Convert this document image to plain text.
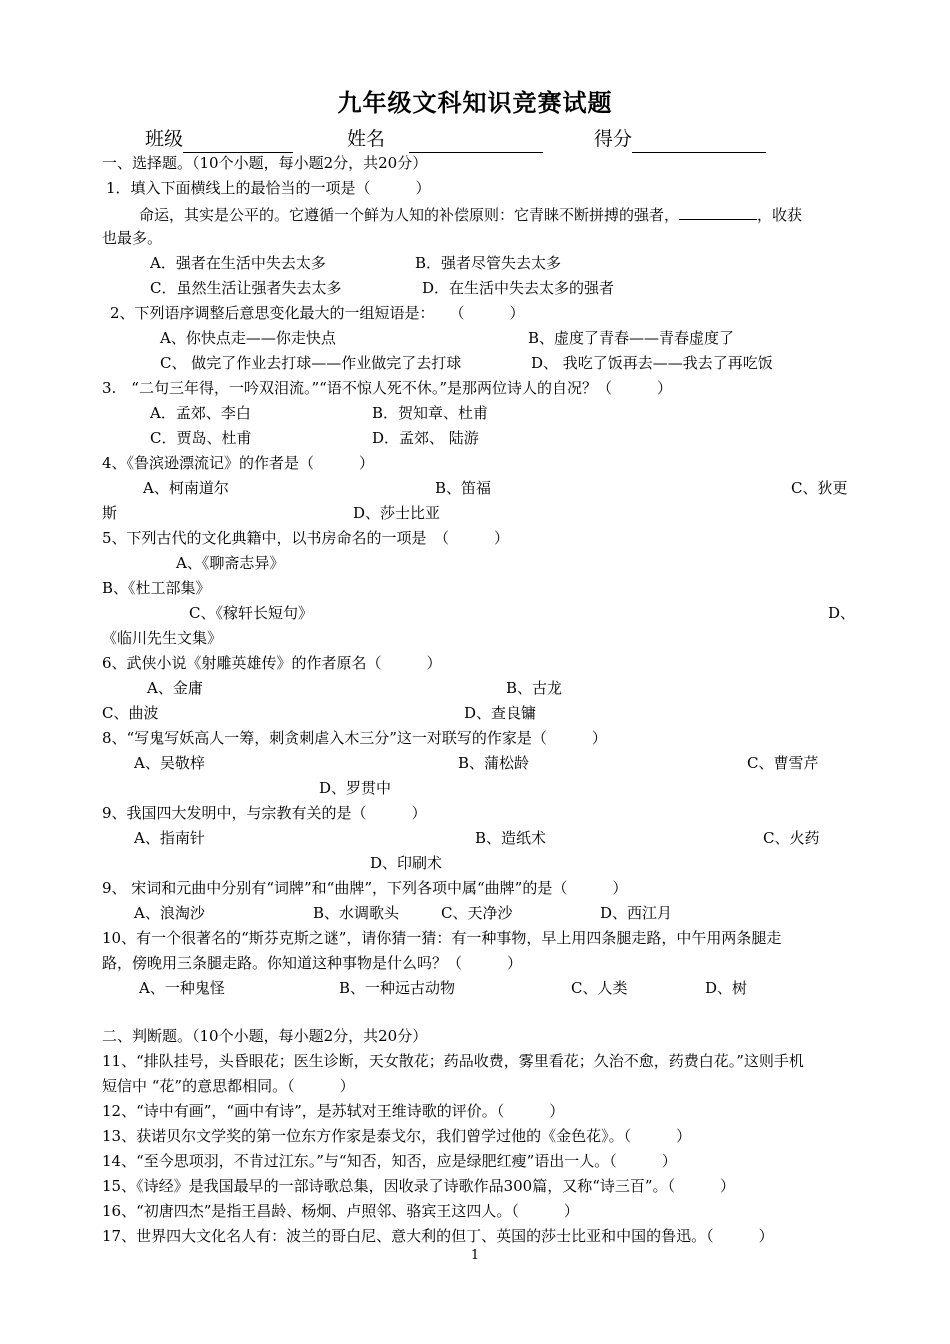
九年级文科知识竞赛试题
班级	姓名	得分
一、选择题。（10个小题，每小题2分，共20分）
1．填入下面横线上的最恰当的一项是（　　　）
命运，其实是公平的。它遵循一个鲜为人知的补偿原则：它青睐不断拼搏的强者，	，收获
也最多。
A．强者在生活中失去太多	B．强者尽管失去太多
C．虽然生活让强者失去太多	D．在生活中失去太多的强者
2、下列语序调整后意思变化最大的一组短语是：　　（　　　）
A、你快点走——你走快点	B、虚度了青春——青春虚度了
C、 做完了作业去打球——作业做完了去打球	D、 我吃了饭再去——我去了再吃饭
3.　“二句三年得，一吟双泪流。”“语不惊人死不休。”是那两位诗人的自况？（　　　）
A．孟郊、李白	B．贺知章、杜甫
C．贾岛、杜甫	D．孟郊、 陆游
4、《鲁滨逊漂流记》的作者是（　　　）
A、柯南道尔	B、笛福	C、狄更
斯	D、莎士比亚
5、下列古代的文化典籍中，以书房命名的一项是　（　　　）
A、《聊斋志异》
B、《杜工部集》
C、《稼轩长短句》	D、
《临川先生文集》
6、武侠小说《射雕英雄传》的作者原名（　　　）
A、金庸	B、古龙
C、曲波	D、查良镛
8、“写鬼写妖高人一筹，刺贪刺虐入木三分”这一对联写的作家是（　　　）
A、吴敬梓	B、蒲松龄	C、曹雪芹
D、罗贯中
9、我国四大发明中，与宗教有关的是（　　　）
A、指南针	B、造纸术	C、火药
D、印刷术
9、 宋词和元曲中分别有“词牌”和“曲牌”，下列各项中属“曲牌”的是（　　　）
A、浪淘沙	B、水调歌头	C、天净沙	D、西江月
10、有一个很著名的“斯芬克斯之谜”，请你猜一猜：有一种事物，早上用四条腿走路，中午用两条腿走
路，傍晚用三条腿走路。你知道这种事物是什么吗？（　　　）
A、一种鬼怪	B、一种远古动物	C、人类	D、树
二、判断题。（10个小题，每小题2分，共20分）
11、“排队挂号，头昏眼花；医生诊断，天女散花；药品收费，雾里看花；久治不愈，药费白花。”这则手机
短信中 “花”的意思都相同。（　　　）
12、“诗中有画”，“画中有诗”，是苏轼对王维诗歌的评价。（　　　）
13、获诺贝尔文学奖的第一位东方作家是泰戈尔，我们曾学过他的《金色花》。（　　　）
14、“至今思项羽，不肯过江东。”与“知否，知否，应是绿肥红瘦”语出一人。（　　　）
15、《诗经》是我国最早的一部诗歌总集，因收录了诗歌作品300篇，又称“诗三百”。（　　　）
16、“初唐四杰”是指王昌龄、杨炯、卢照邻、骆宾王这四人。（　　　）
17、世界四大文化名人有：波兰的哥白尼、意大利的但丁、英国的莎士比亚和中国的鲁迅。（　　　）
1
